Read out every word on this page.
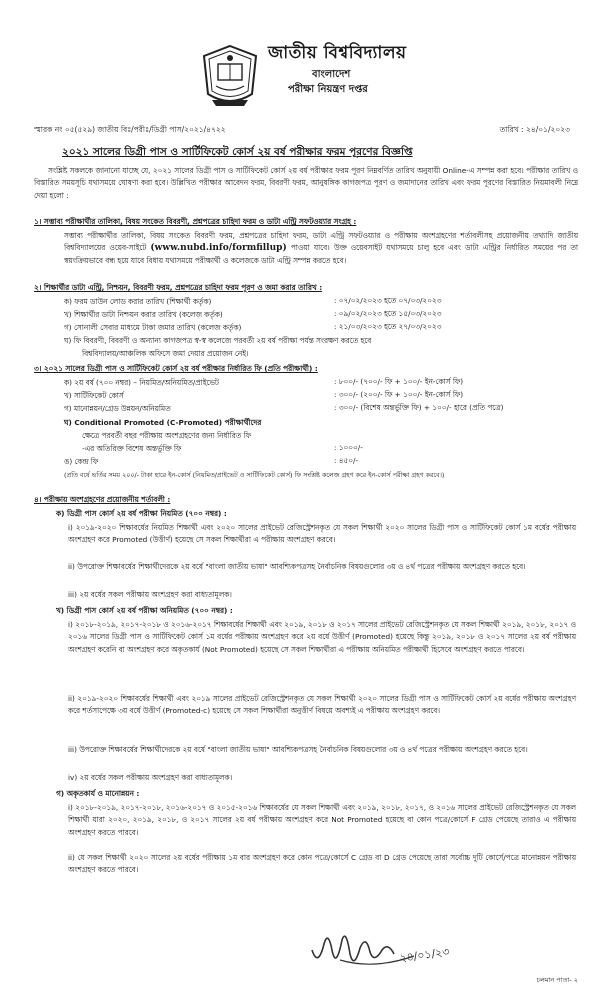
জাতীয় বিশ্ববিদ্যালয়
বাংলাদেশ
পরীক্ষা নিয়ন্ত্রণ দপ্তর
স্মারক নং ০৫(৫২৯) জাতীয় বিঃ/পরীঃ/ডিগ্রী পাস/২০২১/৪৭২২	তারিখ : ২৪/০১/২০২৩
২০২১ সালের ডিগ্রী পাস ও সার্টিফিকেট কোর্স ২য় বর্ষ পরীক্ষার ফরম পূরণের বিজ্ঞপ্তি
সংশ্লিষ্ট সকলকে জানানো যাচ্ছে যে, ২০২১ সালের ডিগ্রী পাস ও সার্টিফিকেট কোর্স ২য় বর্ষ পরীক্ষার ফরম পূরণ নিম্নবর্ণিত তারিখ অনুযায়ী Online-এ সম্পন্ন করা হবে। পরীক্ষার তারিখ ও বিস্তারিত সময়সূচি যথাসময়ে ঘোষণা করা হবে। উল্লিখিত পরীক্ষার আবেদন ফরম, বিবরণী ফরম, আনুষঙ্গিক কাগজপত্র পূরণ ও জমাদানের তারিখ এবং ফরম পূরণের বিস্তারিত নিয়মাবলী নিম্নে দেয়া হলো :
১। সম্ভাব্য পরীক্ষার্থীর তালিকা, বিষয় সংকেত বিবরণী, প্রশ্নপত্রের চাহিদা ফরম ও ডাটা এন্ট্রি সফটওয়্যার সংগ্রহ :
সম্ভাব্য পরীক্ষার্থীর তালিকা, বিষয় সংকেত বিবরণী ফরম, প্রশ্নপত্রের চাহিদা ফরম, ডাটা এন্ট্রি সফটওয়্যার ও পরীক্ষায় অংশগ্রহণের শর্তাবলীসহ প্রয়োজনীয় তথ্যাদি জাতীয় বিশ্ববিদ্যালয়ের ওয়েব-সাইটে (www.nubd.info/formfillup) পাওয়া যাবে। উক্ত ওয়েবসাইট যথাসময়ে চালু হবে এবং ডাটা এন্ট্রির নির্ধারিত সময়ের পর তা স্বয়ংক্রিয়ভাবে বন্ধ হয়ে যাবে বিধায় যথাসময়ে পরীক্ষার্থী ও কলেজকে ডাটা এন্ট্রি সম্পন্ন করতে হবে।
২। শিক্ষার্থীর ডাটা এন্ট্রি, নিশ্চয়ন, বিবরণী ফরম, প্রশ্নপত্রের চাহিদা ফরম পূরণ ও জমা করার তারিখ :
ক) ফরম ডাউন লোড করার তারিখ (শিক্ষার্থী কর্তৃক)	: ০৭/০২/২০২৩ হতে ০৭/০৩/২০২৩
খ) শিক্ষার্থীর ডাটা নিশ্চয়ন করার তারিখ (কলেজ কর্তৃক)	: ০৯/০২/২০২৩ হতে ১৫/০৩/২০২৩
গ) সোনালী সেবার মাধ্যমে টাকা জমার তারিখ (কলেজ কর্তৃক)	: ২১/০৩/২০২৩ হতে ২৭/০৩/২০২৩
ঘ) ফি বিবরণী, বিবরণী ও অন্যান্য কাগজপত্র স্ব-স্ব কলেজে পরবর্তী ২য় বর্ষ পরীক্ষা পর্যন্ত সংরক্ষণ করতে হবে
বিশ্ববিদ্যালয়/আঞ্চলিক অফিসে জমা দেয়ার প্রয়োজন নেই।
৩। ২০২১ সালের ডিগ্রী পাস ও সার্টিফিকেট কোর্স ২য় বর্ষ পরীক্ষার নির্ধারিত ফি (প্রতি পরীক্ষার্থী) :
ক) ২য় বর্ষ (৭০০ নম্বর) – নিয়মিত/অনিয়মিত/প্রাইভেট	: ৮০০/- (৭০০/- ফি + ১০০/- ইন-কোর্স ফি)
খ) সার্টিফিকেট কোর্স	: ৩০০/- (২০০/- ফি + ১০০/- ইন-কোর্স ফি)
গ) মানোন্নয়ন/গ্রেড উন্নয়ন/অনিয়মিত	: ৩০০/- (বিশেষ অন্তর্ভুক্তি ফি) + ১০০/- হারে (প্রতি পত্রে)
ঘ) Conditional Promoted (C-Promoted) পরীক্ষার্থীদের
ক্ষেত্রে পরবর্তী বছর পরীক্ষায় অংশগ্রহণের জন্য নির্ধারিত ফি
-এর অতিরিক্ত বিশেষ অন্তর্ভুক্তি ফি	: ১০০০/-
ঙ) কেন্দ্র ফি	: ৪৫০/-
(প্রতি বর্ষে ভর্তির সময় ২০০/- টাকা হারে ইন-কোর্স (নিয়মিত/প্রাইভেট ও সার্টিফিকেট কোর্স) ফি সংশ্লিষ্ট কলেজ গ্রহণ করে ইন-কোর্স পরীক্ষা গ্রহণ করবে।)
৪। পরীক্ষায় অংশগ্রহণের প্রয়োজনীয় শর্তাবলী :
ক) ডিগ্রী পাস কোর্স ২য় বর্ষ পরীক্ষা নিয়মিত (৭০০ নম্বর) :
i) ২০১৯-২০২০ শিক্ষাবর্ষের নিয়মিত শিক্ষার্থী এবং ২০২০ সালের প্রাইভেট রেজিস্ট্রেশনকৃত যে সকল শিক্ষার্থী ২০২০ সালের ডিগ্রী পাস ও সার্টিফিকেট কোর্স ১ম বর্ষের পরীক্ষায় অংশগ্রহণ করে Promoted (উত্তীর্ণ) হয়েছে সে সকল শিক্ষার্থীরা এ পরীক্ষায় অংশগ্রহণ করবে।
ii) উপরোক্ত শিক্ষাবর্ষের শিক্ষার্থীদেরকে ২য় বর্ষে "বাংলা জাতীয় ভাষা" আবশ্যিকপত্রসহ নৈর্বাচনিক বিষয়গুলোর ৩য় ও ৪র্থ পত্রের পরীক্ষায় অংশগ্রহণ করতে হবে।
iii) ২য় বর্ষের সকল পরীক্ষায় অংশগ্রহণ করা বাধ্যতামূলক।
খ) ডিগ্রী পাস কোর্স ২য় বর্ষ পরীক্ষা অনিয়মিত (৭০০ নম্বর) :
i) ২০১৮-২০১৯, ২০১৭-২০১৮ ও ২০১৬-২০১৭ শিক্ষাবর্ষের শিক্ষার্থী এবং ২০১৯, ২০১৮ ও ২০১৭ সালের প্রাইভেট রেজিস্ট্রেশনকৃত যে সকল শিক্ষার্থী ২০১৯, ২০১৮, ২০১৭ ও ২০১৬ সালের ডিগ্রী পাস ও সার্টিফিকেট কোর্স ১ম বর্ষের পরীক্ষায় অংশগ্রহণ করে ২য় বর্ষে উত্তীর্ণ (Promoted) হয়েছে কিন্তু ২০১৯, ২০১৮ ও ২০১৭ সালের ২য় বর্ষ পরীক্ষায় অংশগ্রহণ করেনি বা অংশগ্রহণ করে অকৃতকার্য (Not Promoted) হয়েছে সে সকল শিক্ষার্থীরা এ পরীক্ষায় অনিয়মিত পরীক্ষার্থী হিসেবে অংশগ্রহণ করতে পারবে।
ii) ২০১৯-২০২০ শিক্ষাবর্ষের শিক্ষার্থী এবং ২০১৯ সালের প্রাইভেট রেজিস্ট্রেশনকৃত যে সকল শিক্ষার্থী ২০২০ সালের ডিগ্রী পাস ও সার্টিফিকেট কোর্স ২য় বর্ষের পরীক্ষায় অংশগ্রহণ করে শর্তসাপেক্ষে ৩য় বর্ষে উত্তীর্ণ (Promoted-c) হয়েছে সে সকল শিক্ষার্থীরা অনুত্তীর্ণ বিষয়ে অবশ্যই এ পরীক্ষায় অংশগ্রহণ করবে।
iii) উপরোক্ত শিক্ষাবর্ষের শিক্ষার্থীদেরকে ২য় বর্ষে "বাংলা জাতীয় ভাষা" আবশ্যিকপত্রসহ নৈর্বাচনিক বিষয়গুলোর ৩য় ও ৪র্থ পত্রের পরীক্ষায় অংশগ্রহণ করতে হবে।
iv) ২য় বর্ষের সকল পরীক্ষায় অংশগ্রহণ করা বাধ্যতামূলক।
গ) অকৃতকার্য ও মানোন্নয়ন :
i) ২০১৮-২০১৯, ২০১৭-২০১৮, ২০১৬-২০১৭ ও ২০১৫-২০১৬ শিক্ষাবর্ষের যে সকল শিক্ষার্থী এবং ২০১৯, ২০১৮, ২০১৭, ও ২০১৬ সালের প্রাইভেট রেজিস্ট্রেশনকৃত যে সকল শিক্ষার্থী যারা ২০২০, ২০১৯, ২০১৮, ও ২০১৭ সালের ২য় বর্ষ পরীক্ষায় অংশগ্রহণ করে Not Promoted হয়েছে বা কোন পত্রে/কোর্সে F গ্রেড পেয়েছে তারাও এ পরীক্ষায় অংশগ্রহণ করতে পারবে।
ii) যে সকল শিক্ষার্থী ২০২০ সালের ২য় বর্ষের পরীক্ষায় ১ম বার অংশগ্রহণ করে কোন পত্রে/কোর্সে C গ্রেড বা D গ্রেড পেয়েছে তারা সর্বোচ্চ দুটি কোর্সে/পত্রে মানোন্নয়ন পরীক্ষায় অংশগ্রহণ করতে পারবে।
২৪/০১/২৩
চলমান পাতা- ২
